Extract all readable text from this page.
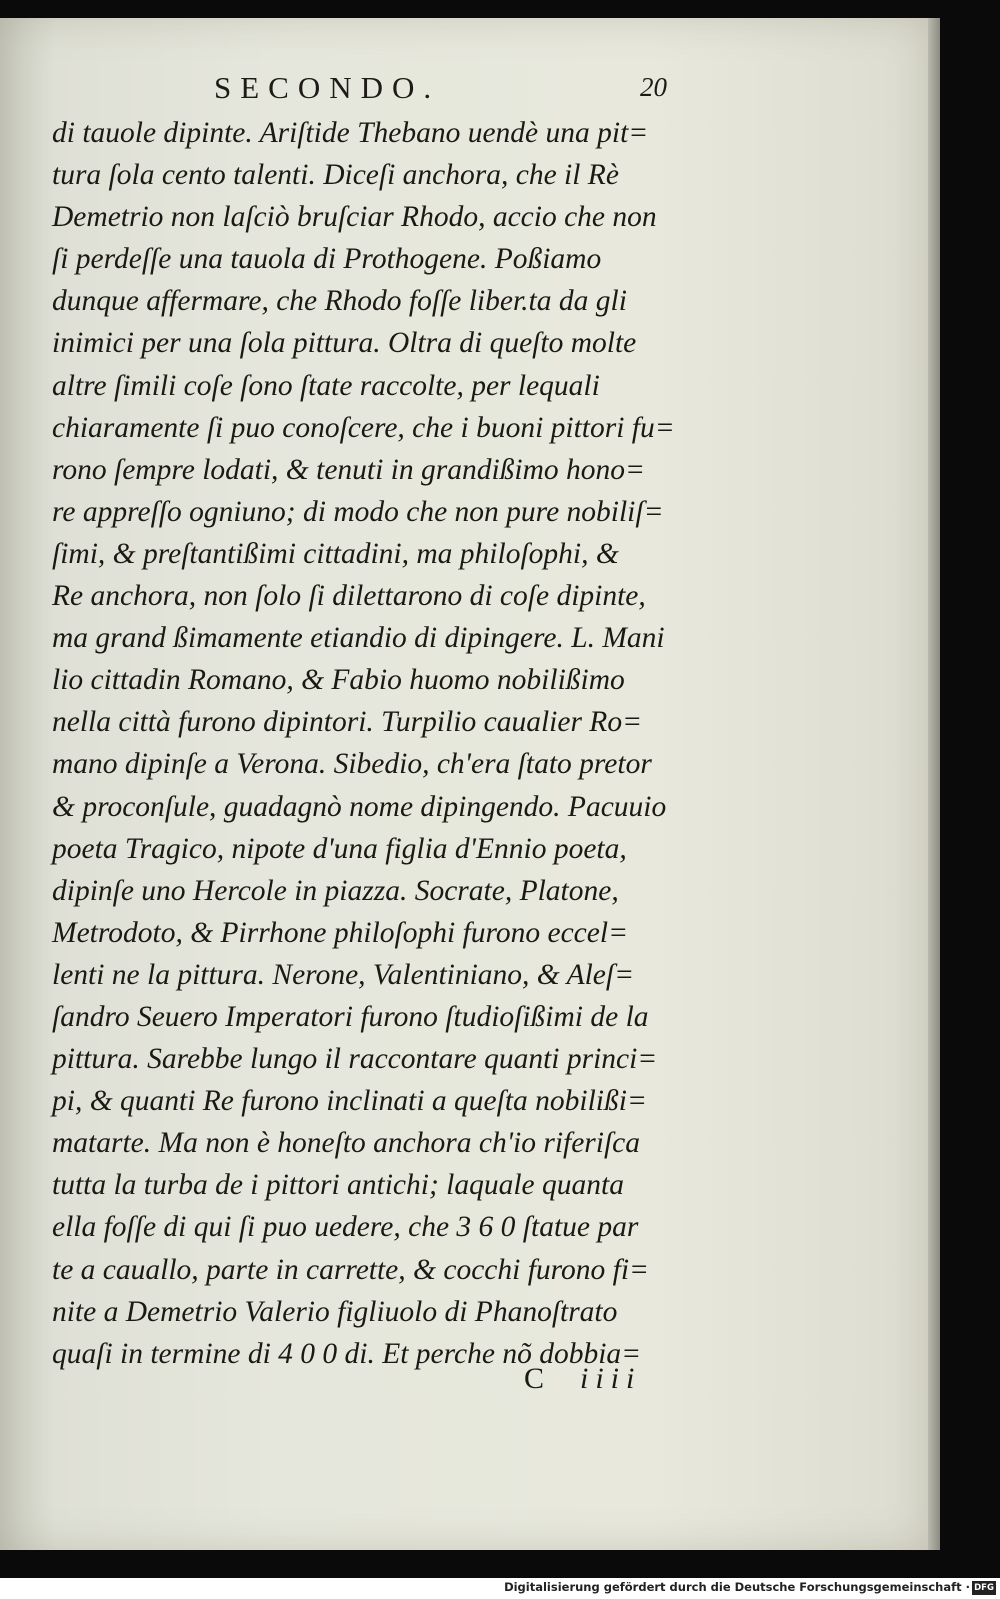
SECONDO.	20
di tauole dipinte. Ariſtide Thebano uendè una pit=
tura ſola cento talenti. Diceſi anchora, che il Rè
Demetrio non laſciò bruſciar Rhodo, accio che non
ſi perdeſſe una tauola di Prothogene. Poßiamo
dunque affermare, che Rhodo foſſe liber.ta da gli
inimici per una ſola pittura. Oltra di queſto molte
altre ſimili coſe ſono ſtate raccolte, per lequali
chiaramente ſi puo conoſcere, che i buoni pittori fu=
rono ſempre lodati, & tenuti in grandißimo hono=
re appreſſo ogniuno; di modo che non pure nobiliſ=
ſimi, & preſtantißimi cittadini, ma philoſophi, &
Re anchora, non ſolo ſi dilettarono di coſe dipinte,
ma grand ßimamente etiandio di dipingere. L. Mani
lio cittadin Romano, & Fabio huomo nobilißimo
nella città furono dipintori. Turpilio caualier Ro=
mano dipinſe a Verona. Sibedio, ch'era ſtato pretor
& proconſule, guadagnò nome dipingendo. Pacuuio
poeta Tragico, nipote d'una figlia d'Ennio poeta,
dipinſe uno Hercole in piazza. Socrate, Platone,
Metrodoto, & Pirrhone philoſophi furono eccel=
lenti ne la pittura. Nerone, Valentiniano, & Aleſ=
ſandro Seuero Imperatori furono ſtudioſißimi de la
pittura. Sarebbe lungo il raccontare quanti princi=
pi, & quanti Re furono inclinati a queſta nobilißi=
matarte. Ma non è honeſto anchora ch'io riferiſca
tutta la turba de i pittori antichi; laquale quanta
ella foſſe di qui ſi puo uedere, che 3 6 0 ſtatue par
te a cauallo, parte in carrette, & cocchi furono fi=
nite a Demetrio Valerio figliuolo di Phanoſtrato
quaſi in termine di 4 0 0 di. Et perche nõ dobbia=
C iiii
Digitalisierung gefördert durch die Deutsche Forschungsgemeinschaft · DFG
